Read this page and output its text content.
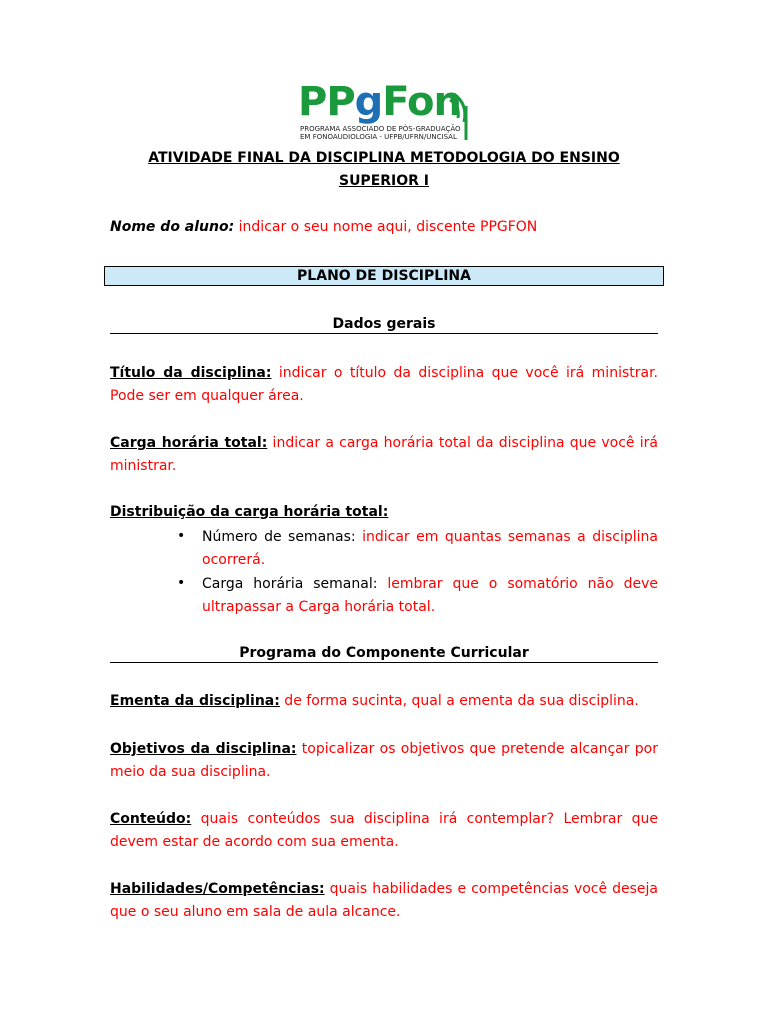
PPgFon
PROGRAMA ASSOCIADO DE PÓS-GRADUAÇÃO
EM FONOAUDIOLOGIA - UFPB/UFRN/UNCISAL
ATIVIDADE FINAL DA DISCIPLINA METODOLOGIA DO ENSINO
SUPERIOR I
Nome do aluno: indicar o seu nome aqui, discente PPGFON
PLANO DE DISCIPLINA
Dados gerais

Título da disciplina: indicar o título da disciplina que você irá ministrar. Pode ser em qualquer área.

Carga horária total: indicar a carga horária total da disciplina que você irá ministrar.

Distribuição da carga horária total:

• Número de semanas: indicar em quantas semanas a disciplina ocorrerá.

• Carga horária semanal: lembrar que o somatório não deve ultrapassar a Carga horária total.

Programa do Componente Curricular

Ementa da disciplina: de forma sucinta, qual a ementa da sua disciplina.

Objetivos da disciplina: topicalizar os objetivos que pretende alcançar por meio da sua disciplina.

Conteúdo: quais conteúdos sua disciplina irá contemplar? Lembrar que devem estar de acordo com sua ementa.

Habilidades/Competências: quais habilidades e competências você deseja que o seu aluno em sala de aula alcance.
